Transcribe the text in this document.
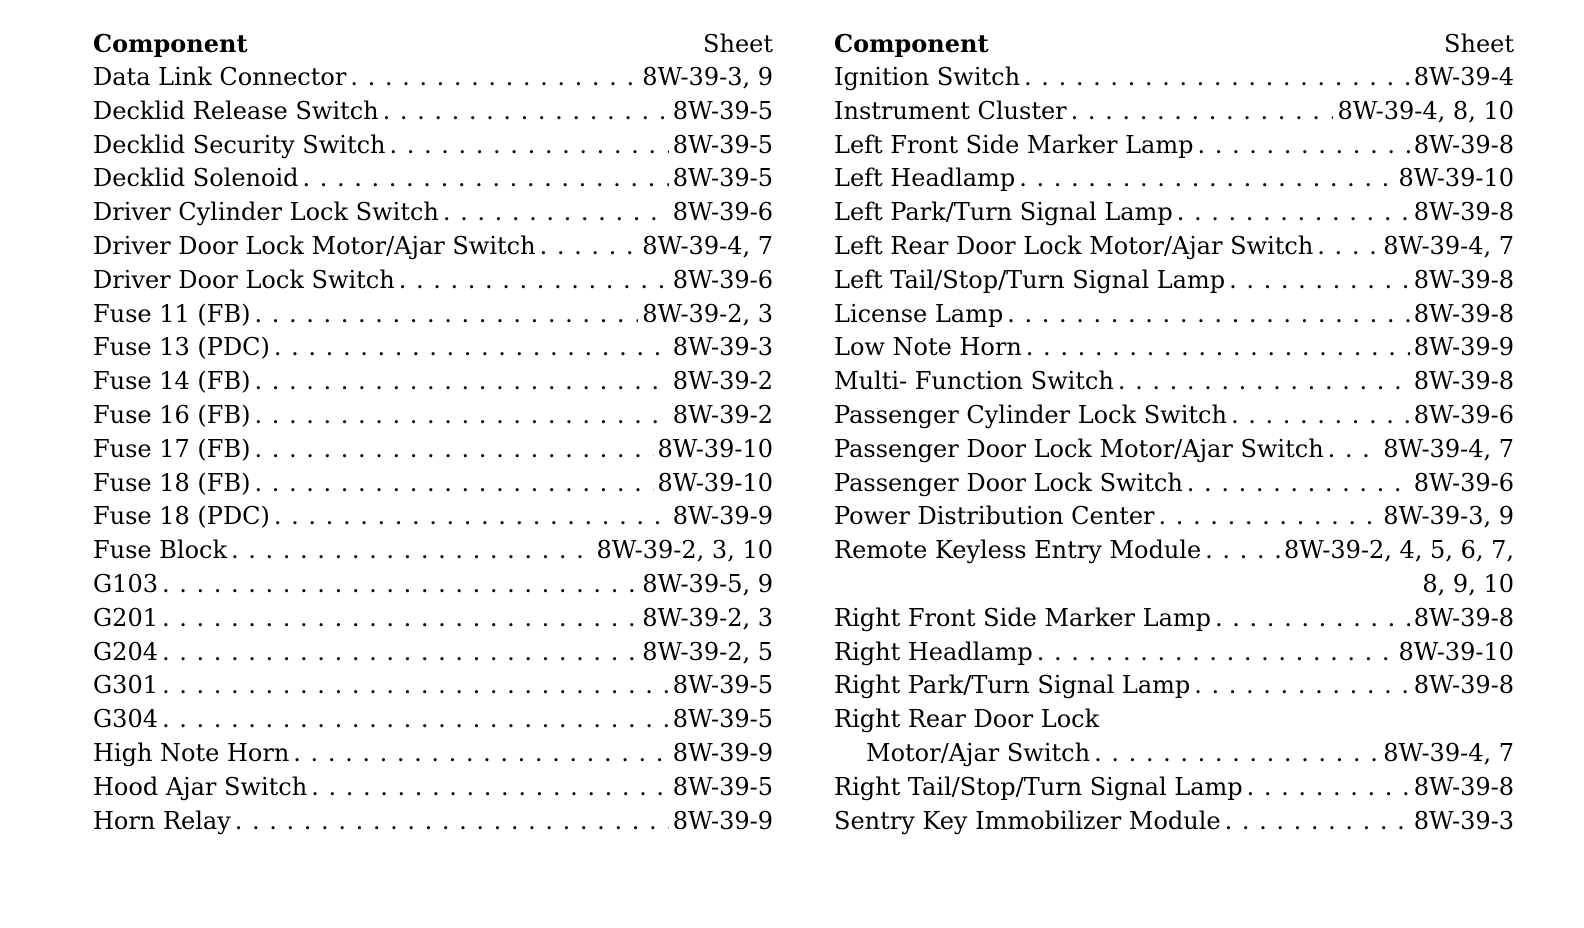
Component	Sheet
Data Link Connector . . .	8W-39-3, 9
Decklid Release Switch . . .	8W-39-5
Decklid Security Switch . . .	8W-39-5
Decklid Solenoid . . .	8W-39-5
Driver Cylinder Lock Switch . . .	8W-39-6
Driver Door Lock Motor/Ajar Switch . . .	8W-39-4, 7
Driver Door Lock Switch . . .	8W-39-6
Fuse 11 (FB) . . .	8W-39-2, 3
Fuse 13 (PDC) . . .	8W-39-3
Fuse 14 (FB) . . .	8W-39-2
Fuse 16 (FB) . . .	8W-39-2
Fuse 17 (FB) . . .	8W-39-10
Fuse 18 (FB) . . .	8W-39-10
Fuse 18 (PDC) . . .	8W-39-9
Fuse Block . . .	8W-39-2, 3, 10
G103 . . .	8W-39-5, 9
G201 . . .	8W-39-2, 3
G204 . . .	8W-39-2, 5
G301 . . .	8W-39-5
G304 . . .	8W-39-5
High Note Horn . . .	8W-39-9
Hood Ajar Switch . . .	8W-39-5
Horn Relay . . .	8W-39-9
Component	Sheet
Ignition Switch . . .	8W-39-4
Instrument Cluster . . .	8W-39-4, 8, 10
Left Front Side Marker Lamp . . .	8W-39-8
Left Headlamp . . .	8W-39-10
Left Park/Turn Signal Lamp . . .	8W-39-8
Left Rear Door Lock Motor/Ajar Switch . . .	8W-39-4, 7
Left Tail/Stop/Turn Signal Lamp . . .	8W-39-8
License Lamp . . .	8W-39-8
Low Note Horn . . .	8W-39-9
Multi- Function Switch . . .	8W-39-8
Passenger Cylinder Lock Switch . . .	8W-39-6
Passenger Door Lock Motor/Ajar Switch . . . 8W-39-4, 7
Passenger Door Lock Switch . . .	8W-39-6
Power Distribution Center . . .	8W-39-3, 9
Remote Keyless Entry Module . . .	8W-39-2, 4, 5, 6, 7,
8, 9, 10
Right Front Side Marker Lamp . . .	8W-39-8
Right Headlamp . . .	8W-39-10
Right Park/Turn Signal Lamp . . .	8W-39-8
Right Rear Door Lock
Motor/Ajar Switch . . .	8W-39-4, 7
Right Tail/Stop/Turn Signal Lamp . . .	8W-39-8
Sentry Key Immobilizer Module . . .	8W-39-3
